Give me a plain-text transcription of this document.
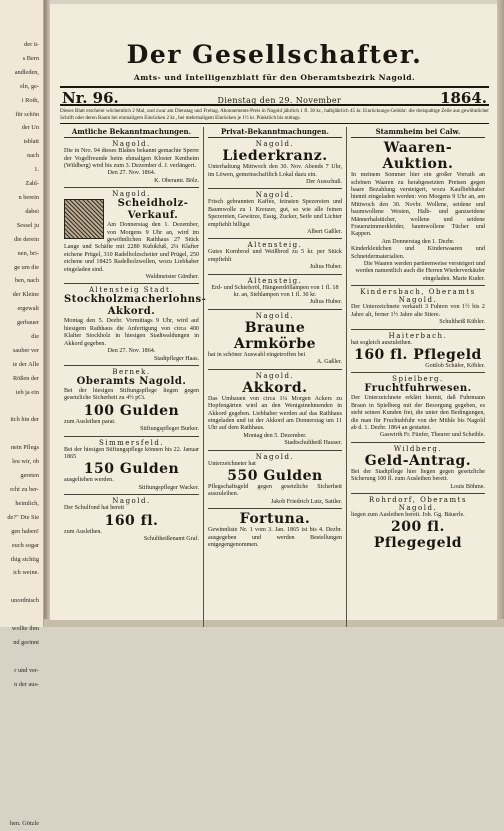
der ü-
s Bern
andleden,
eln, ge-
i Roth,
für schön
der Un
tsblatt
nach
1.
Zahl-
n berein
dabei
Sessel ju
die derein
nen, bri-
ge um die
ben, nach
der Kleine
ergewalt
gerbauer
die
sauber ver
ie der Alle
Rößen der
ieb ja ein

iich hin der

nein Pflegs
leu wir, ob
gereten
rcht zu ber-
heimlich,
de?" Die Sie
gen haben!
euch sogar
thig sichtig
ich weine.

unordnisch

wollte ihm
nd gerinnt

r und ver-
n der aus-

hen. Götzle
Der Gesellschafter.
Amts- und Intelligenzblatt für den Oberamtsbezirk Nagold.
Nr. 96.	Dienstag den 29. November	1864.
Dieses Blatt erscheint wöchentlich 2 Mal, und zwar am Dienstag und Freitag. Abonnements-Preis in Nagold jährlich 1 fl. 30 kr., halbjährlich 45 kr. Einrückungs-Gebühr: die dreispaltige Zeile aus gewöhnlicher Schrift oder deren Raum bei einmaligem Einrücken 2 kr., bei mehrmaligem Einrücken je 1½ kr. Pünktlich bis mittags.
Amtliche Bekanntmachungen.
Nagold.
Die in Nro. 94 dieses Blattes bekannt gemachte Sperre der Vogelfreunde beim ehmaligen Kloster Kentheim (Wildberg) wird bis zum 3. Dezember d. J. verlängert.
Den 27. Nov. 1864.
K. Oberamt. Bölz.
Nagold.
Scheidholz-Verkauf.
Am Donnerstag den 1. Dezember, von Morgens 9 Uhr an, wird im gewöhnlichen Rathhaus 27 Stück Lange und Schäfte mit 2280 Kubikfuß, 2¼ Klafter eichene Prügel, 310 Radelholzscheiter und Prügel, 250 eichene und 18425 Radelholzwellen, wozu Liebhaber eingeladen sind.
Waldmeister Günther.
Altensteig Stadt.
Stockholzmacherlohns-Akkord.
Montag den 5. Dezbr. Vormittags 9 Uhr, wird auf hiesigem Rathhaus die Anfertigung von circa 400 Klafter Stockholz in hiesigen Stadtwaldungen in Akkord gegeben.
Den 27. Nov. 1864.
Stadtpfleger Haas.
Bernek.
Oberamts Nagold.
Bei der hiesigen Stiftungspflege liegen gegen gesetzliche Sicherheit zu 4½ pCt.
100 Gulden
zum Ausleihen parat.
Stiftungspfleger Burker.
Simmersfeld.
Bei der hiesigen Stiftungspflege können bis 22. Januar 1865
150 Gulden
ausgeliehen werden.
Stiftungspfleger Wacker.
Nagold.
Der Schulfond hat bereit
160 fl.
zum Ausleihen.
Schultheißenamt Graf.
Privat-Bekanntmachungen.
Nagold.
Liederkranz.
Unterhaltung Mittwoch den 30. Nov. Abends 7 Uhr, im Löwen, gemeinschaftlich Lokal dazu ein.
Der Ausschuß.
Nagold.
Frisch gebrannten Kaffee, feinsten Spezereien und Baumwolle zu 1 Kreuzer, gut, so wie alle feinen Spezereien, Gewürze, Essig, Zucker, Seife und Lichter empfiehlt billigst
Albert Gaßler.
Altensteig.
Gutes Kornbrod und Weißbrod zu 5 kr. per Stück empfiehlt
Julius Huber.
Altensteig.
Erd- und Schieferöl, Hängeerdöllampen von 1 fl. 18 kr. an, Stehlampen von 1 fl. 30 kr.
Julius Huber.
Nagold.
Braune Armkörbe
hat in schöner Auswahl eingetroffen bei
A. Gaßler.
Nagold.
Akkord.
Das Umbauen von circa 1¼ Morgen Ackers zu Hopfengärten wird an den Wenigstnehmenden in Akkord gegeben. Liebhaber werden auf das Rathhaus eingeladen und ist der Akkord am Donnerstag um 11 Uhr auf dem Rathhaus.
Montag den 5. Dezember.
Stadtschultheiß Hauser.
Nagold.
Unterzeichneter hat
550 Gulden
Pflegschaftsgeld gegen gesetzliche Sicherheit auszuleihen.
Jakob Friedrich Lutz, Sattler.
Fortuna.
Gewinnliste Nr. 1 vom 3. Jan. 1865 ist bis 4. Dezbr. ausgegeben und werden Bestellungen entgegengenommen.
Stammheim bei Calw.
Waaren-Auktion.
In meinem Sommer hier ein großer Vorrath an schönen Waaren zu herabgesetzten Preisen gegen baare Bezahlung versteigert, wozu Kaufliebhaber hiemit eingeladen werden: von Morgens 9 Uhr an, am Mittwoch den 30. Novbr. Wollene, seidene und baumwollene Westen, Halb- und ganzseidene Männerhalstücher, wollene und seidene Frauenzimmerkleider, baumwollene Tücher und Kappen.
Am Donnerstag den 1. Dezbr.
Kinderkleidchen und Kinderwaaren und Schneidermaterialien.
Die Waaren werden partieenweise versteigert und werden namentlich auch die Herren Wiederverkäufer eingeladen. Marie Kuder.
Kindersbach, Oberamts Nagold.
Der Unterzeichnete verkauft 3 Fuhren von 1½ bis 2 Jahre alt, ferner 1½ Jahre alte Stiere.
Schultheiß Kübler.
Haiterbach.
hat sogleich auszuleihen.
160 fl. Pflegeld
Gottlob Schäfer, Köbler.
Spielberg.
Fruchtfuhrwesen.
Der Unterzeichnete erklärt hiemit, daß Fuhrmann Braun in Spielberg mit der Besorgung gegeben, es steht seinen Kunden frei, die unter den Bedingungen, die man für Fruchtabfuhr von der Mühle bis Nagold ab d. 1. Dezbr. 1864 an gestattet.
Gaswirth Fr. Fünfer, Theurer und Scheible.
Wildberg.
Geld-Antrag.
Bei der Stadtpflege hier liegen gegen gesetzliche Sicherung 100 fl. zum Ausleihen bereit.
Louis Böhme.
Rohrdorf, Oberamts Nagold.
liegen zum Ausleihen bereit. Joh. Gg. Bäuerle.
200 fl. Pflegegeld
